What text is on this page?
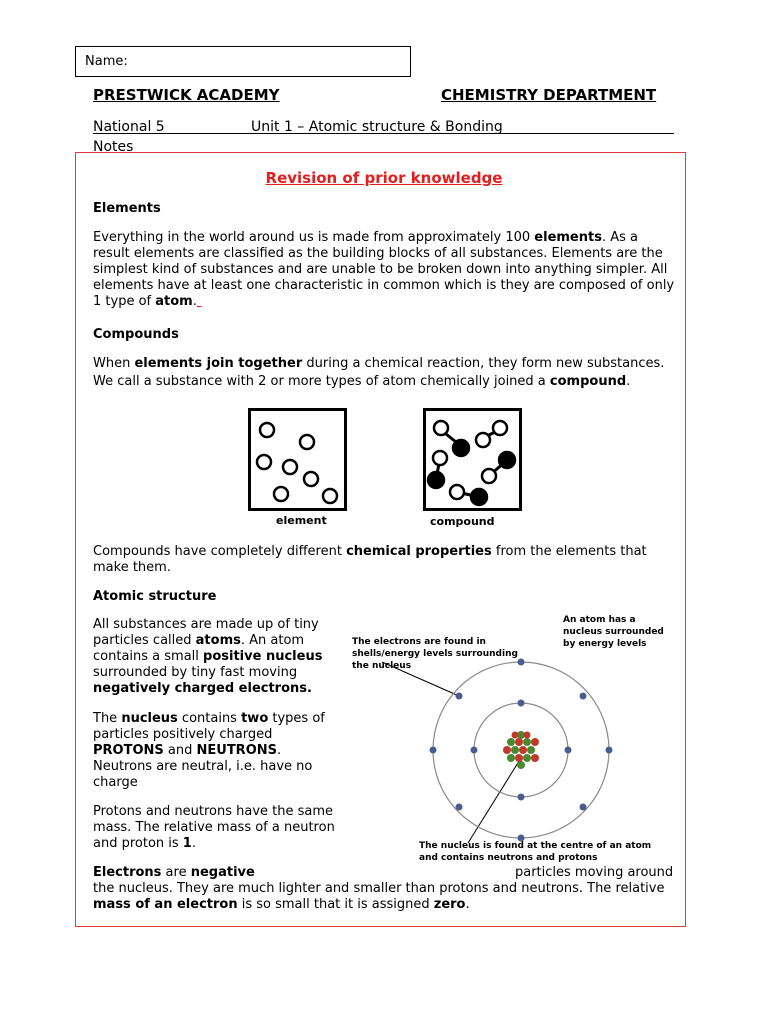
Name:
PRESTWICK ACADEMY	CHEMISTRY DEPARTMENT
National 5	Unit 1 – Atomic structure & Bonding
Notes
Revision of prior knowledge
Elements

Everything in the world around us is made from approximately 100 elements. As a result elements are classified as the building blocks of all substances. Elements are the simplest kind of substances and are unable to be broken down into anything simpler. All elements have at least one characteristic in common which is they are composed of only 1 type of atom.

Compounds

When elements join together during a chemical reaction, they form new substances. We call a substance with 2 or more types of atom chemically joined a compound.

element	compound

Compounds have completely different chemical properties from the elements that make them.

Atomic structure

All substances are made up of tiny particles called atoms. An atom contains a small positive nucleus surrounded by tiny fast moving negatively charged electrons.

The nucleus contains two types of particles positively charged PROTONS and NEUTRONS. Neutrons are neutral, i.e. have no charge

Protons and neutrons have the same mass. The relative mass of a neutron and proton is 1.

Electrons are negative	particles moving around the nucleus. They are much lighter and smaller than protons and neutrons. The relative mass of an electron is so small that it is assigned zero.

An atom has a nucleus surrounded by energy levels
The electrons are found in shells/energy levels surrounding the nucleus
The nucleus is found at the centre of an atom and contains neutrons and protons
